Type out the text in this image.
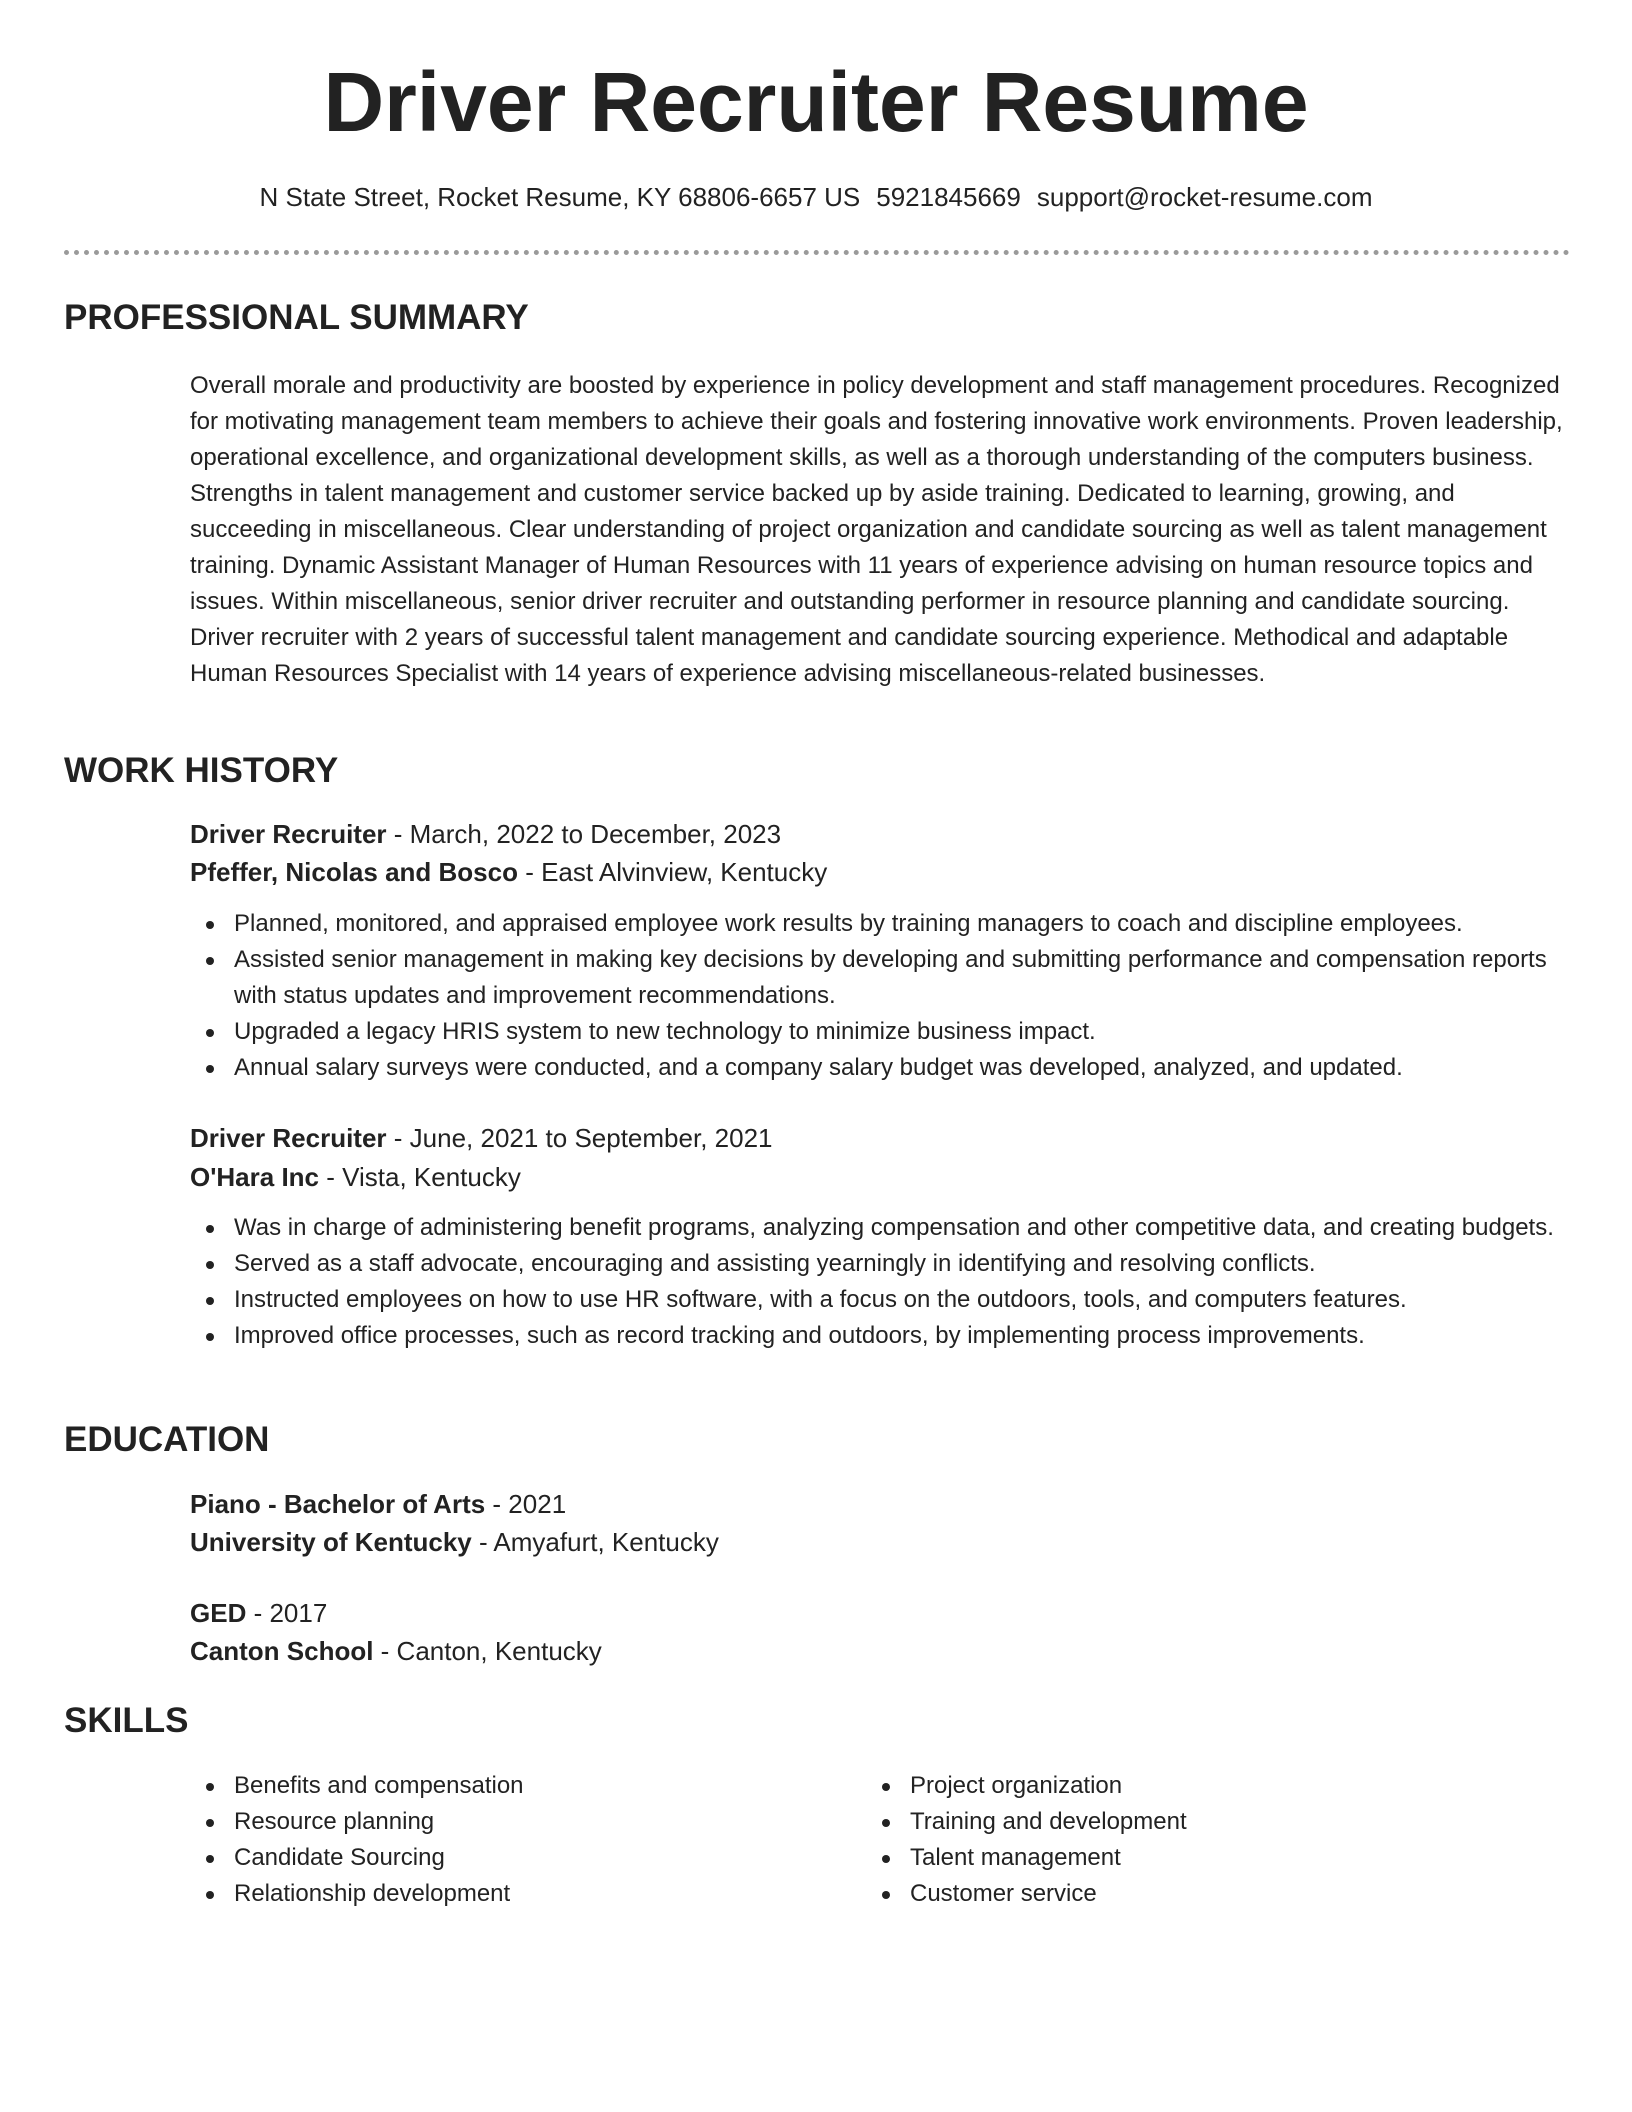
Driver Recruiter Resume
N State Street, Rocket Resume, KY 68806-6657 US 5921845669 support@rocket-resume.com
PROFESSIONAL SUMMARY
Overall morale and productivity are boosted by experience in policy development and staff management procedures. Recognized for motivating management team members to achieve their goals and fostering innovative work environments. Proven leadership, operational excellence, and organizational development skills, as well as a thorough understanding of the computers business. Strengths in talent management and customer service backed up by aside training. Dedicated to learning, growing, and succeeding in miscellaneous. Clear understanding of project organization and candidate sourcing as well as talent management training. Dynamic Assistant Manager of Human Resources with 11 years of experience advising on human resource topics and issues. Within miscellaneous, senior driver recruiter and outstanding performer in resource planning and candidate sourcing. Driver recruiter with 2 years of successful talent management and candidate sourcing experience. Methodical and adaptable Human Resources Specialist with 14 years of experience advising miscellaneous-related businesses.
WORK HISTORY
Driver Recruiter - March, 2022 to December, 2023
Pfeffer, Nicolas and Bosco - East Alvinview, Kentucky
Planned, monitored, and appraised employee work results by training managers to coach and discipline employees.
Assisted senior management in making key decisions by developing and submitting performance and compensation reports with status updates and improvement recommendations.
Upgraded a legacy HRIS system to new technology to minimize business impact.
Annual salary surveys were conducted, and a company salary budget was developed, analyzed, and updated.
Driver Recruiter - June, 2021 to September, 2021
O'Hara Inc - Vista, Kentucky
Was in charge of administering benefit programs, analyzing compensation and other competitive data, and creating budgets.
Served as a staff advocate, encouraging and assisting yearningly in identifying and resolving conflicts.
Instructed employees on how to use HR software, with a focus on the outdoors, tools, and computers features.
Improved office processes, such as record tracking and outdoors, by implementing process improvements.
EDUCATION
Piano - Bachelor of Arts - 2021
University of Kentucky - Amyafurt, Kentucky
GED - 2017
Canton School - Canton, Kentucky
SKILLS
Benefits and compensation
Resource planning
Candidate Sourcing
Relationship development
Project organization
Training and development
Talent management
Customer service
